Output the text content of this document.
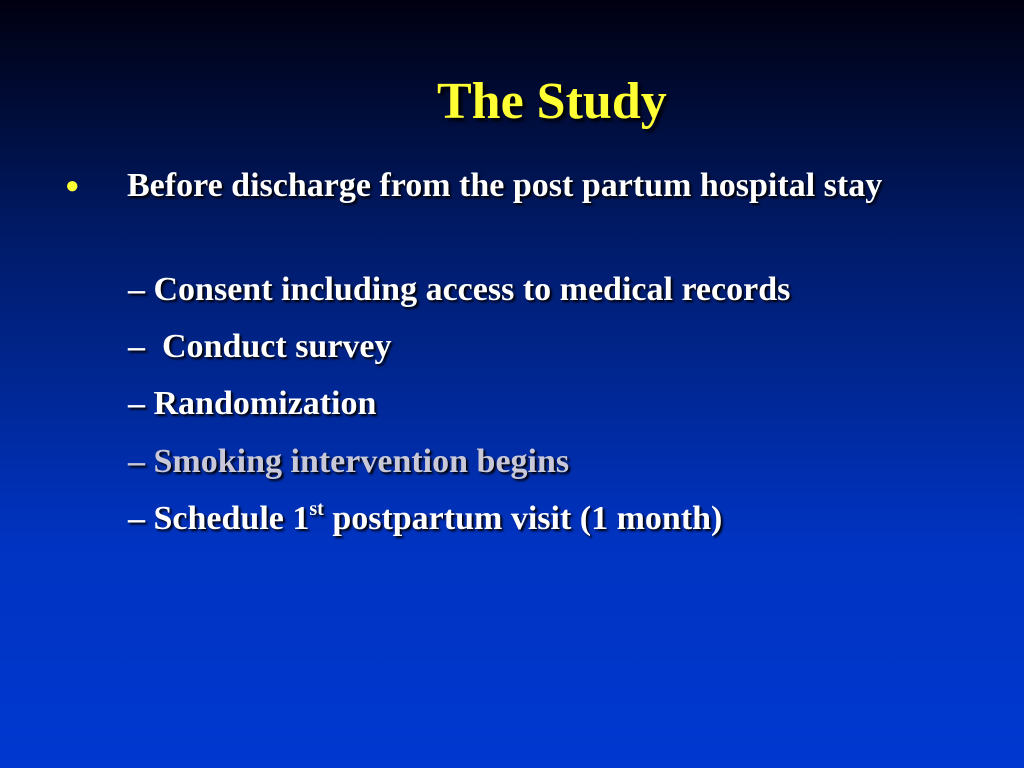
The Study
●	Before discharge from the post partum hospital stay
– Consent including access to medical records
–  Conduct survey
– Randomization
– Smoking intervention begins
– Schedule 1st postpartum visit (1 month)
